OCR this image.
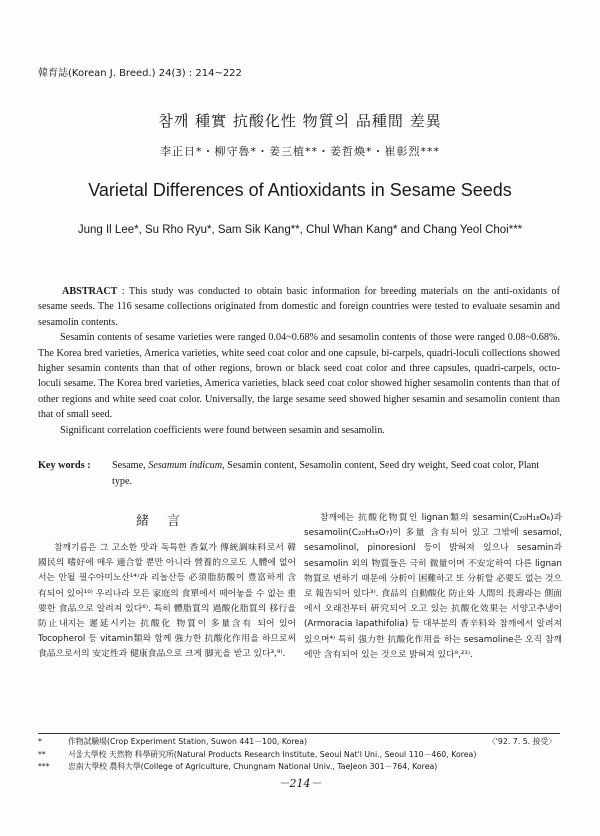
韓育誌(Korean J. Breed.) 24(3) : 214~222
참깨 種實 抗酸化性 物質의 品種間 差異
李正日*・柳守魯*・姜三植**・姜哲煥*・崔彰烈***
Varietal Differences of Antioxidants in Sesame Seeds
Jung Il Lee*, Su Rho Ryu*, Sam Sik Kang**, Chul Whan Kang* and Chang Yeol Choi***

ABSTRACT : This study was conducted to obtain basic information for breeding materials on the anti-oxidants of sesame seeds. The 116 sesame collections originated from domestic and foreign countries were tested to evaluate sesamin and sesamolin contents.

Sesamin contents of sesame varieties were ranged 0.04~0.68% and sesamolin contents of those were ranged 0.08~0.68%. The Korea bred varieties, America varieties, white seed coat color and one capsule, bi-carpels, quadri-loculi collections showed higher sesamin contents than that of other regions, brown or black seed coat color and three capsules, quadri-carpels, octo-loculi sesame. The Korea bred varieties, America varieties, black seed coat color showed higher sesamolin contents than that of other regions and white seed coat color. Universally, the large sesame seed showed higher sesamin and sesamolin content than that of small seed.

Significant correlation coefficients were found between sesamin and sesamolin.

Key words :	Sesame, Sesamum indicum, Sesamin content, Sesamolin content, Seed dry weight, Seed coat color, Plant type.
緒言

참깨기름은 그 고소한 맛과 독특한 香氣가 傳統調味料로서 韓國民의 嗜好에 매우 適合할 뿐만 아니라 營養的으로도 人體에 없어서는 안될 필수아미노산¹⁴⁾과 리놀산등 必須脂肪酸이 豊富하게 含有되어 있어¹⁰⁾ 우리나라 모든 家庭의 食單에서 떼어놓을 수 없는 重要한 食品으로 알려져 있다⁶⁾. 특히 體脂質의 過酸化脂質의 移行을 防止내지는 遲延시키는 抗酸化 物質이 多量含有 되어 있어 Tocopherol 등 vitamin類와 함께 強力한 抗酸化作用을 하므로써 食品으로서의 安定性과 健康食品으로 크게 脚光을 받고 있다³,⁹⁾.

참깨에는 抗酸化物質인 lignan類의 sesamin(C₂₀H₁₈O₆)과 sesamolin(C₂₀H₁₈O₇)이 多量 含有되어 있고 그밖에 sesamol, sesamolinol, pinoresionl 등이 밝혀져 있으나 sesamin과 sesamolin 외의 物質들은 극히 微量이며 不安定하여 다른 lignan物質로 변하기 때문에 分析이 困難하고 또 分析할 必要도 없는 것으로 報告되어 있다³⁾. 食品의 自動酸化 防止와 人間의 長壽라는 側面에서 오래전부터 硏究되어 오고 있는 抗酸化效果는 서양고추냉이(Armoracia lapathifolia) 등 대부분의 香辛料와 참깨에서 알려져 있으며⁴⁾ 특히 强力한 抗酸化作用을 하는 sesamoline은 오직 참깨에만 含有되어 있는 것으로 밝혀져 있다⁹,²¹⁾.

*	作物試驗場(Crop Experiment Station, Suwon 441－100, Korea)	〈'92. 7. 5. 接受〉
**	서울大學校 天然物 科學硏究所(Natural Products Research Institute, Seoul Nat'l Uni., Seoul 110－460, Korea)
*** 忠南大學校 農科大學(College of Agriculture, Chungnam National Univ., TaeJeon 301－764, Korea)
－214－
